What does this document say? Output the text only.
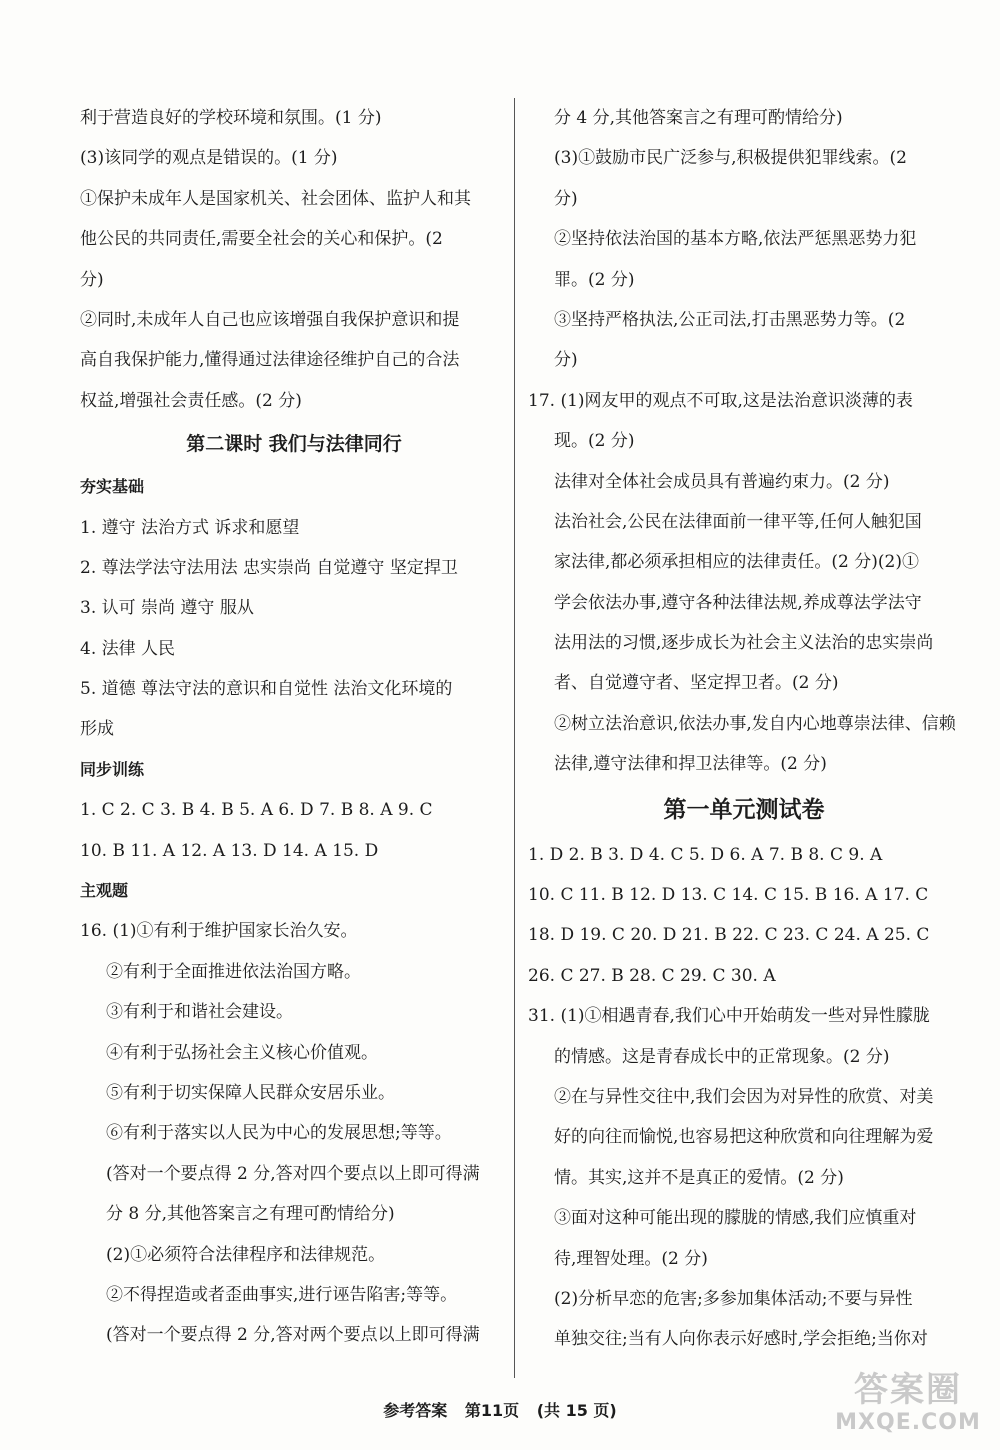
利于营造良好的学校环境和氛围。(1 分)
(3)该同学的观点是错误的。(1 分)
①保护未成年人是国家机关、社会团体、监护人和其
他公民的共同责任,需要全社会的关心和保护。(2
分)
②同时,未成年人自己也应该增强自我保护意识和提
高自我保护能力,懂得通过法律途径维护自己的合法
权益,增强社会责任感。(2 分)
第二课时 我们与法律同行
夯实基础
1. 遵守 法治方式 诉求和愿望
2. 尊法学法守法用法 忠实崇尚 自觉遵守 坚定捍卫
3. 认可 崇尚 遵守 服从
4. 法律 人民
5. 道德 尊法守法的意识和自觉性 法治文化环境的
形成
同步训练
1. C 2. C 3. B 4. B 5. A 6. D 7. B 8. A 9. C
10. B 11. A 12. A 13. D 14. A 15. D
主观题
16. (1)①有利于维护国家长治久安。
②有利于全面推进依法治国方略。
③有利于和谐社会建设。
④有利于弘扬社会主义核心价值观。
⑤有利于切实保障人民群众安居乐业。
⑥有利于落实以人民为中心的发展思想;等等。
(答对一个要点得 2 分,答对四个要点以上即可得满
分 8 分,其他答案言之有理可酌情给分)
(2)①必须符合法律程序和法律规范。
②不得捏造或者歪曲事实,进行诬告陷害;等等。
(答对一个要点得 2 分,答对两个要点以上即可得满
分 4 分,其他答案言之有理可酌情给分)
(3)①鼓励市民广泛参与,积极提供犯罪线索。(2
分)
②坚持依法治国的基本方略,依法严惩黑恶势力犯
罪。(2 分)
③坚持严格执法,公正司法,打击黑恶势力等。(2
分)
17. (1)网友甲的观点不可取,这是法治意识淡薄的表
现。(2 分)
法律对全体社会成员具有普遍约束力。(2 分)
法治社会,公民在法律面前一律平等,任何人触犯国
家法律,都必须承担相应的法律责任。(2 分)(2)①
学会依法办事,遵守各种法律法规,养成尊法学法守
法用法的习惯,逐步成长为社会主义法治的忠实崇尚
者、自觉遵守者、坚定捍卫者。(2 分)
②树立法治意识,依法办事,发自内心地尊崇法律、信赖
法律,遵守法律和捍卫法律等。(2 分)
第一单元测试卷
1. D 2. B 3. D 4. C 5. D 6. A 7. B 8. C 9. A
10. C 11. B 12. D 13. C 14. C 15. B 16. A 17. C
18. D 19. C 20. D 21. B 22. C 23. C 24. A 25. C
26. C 27. B 28. C 29. C 30. A
31. (1)①相遇青春,我们心中开始萌发一些对异性朦胧
的情感。这是青春成长中的正常现象。(2 分)
②在与异性交往中,我们会因为对异性的欣赏、对美
好的向往而愉悦,也容易把这种欣赏和向往理解为爱
情。其实,这并不是真正的爱情。(2 分)
③面对这种可能出现的朦胧的情感,我们应慎重对
待,理智处理。(2 分)
(2)分析早恋的危害;多参加集体活动;不要与异性
单独交往;当有人向你表示好感时,学会拒绝;当你对
参考答案 第11页 (共 15 页)
答案圈
MXQE.COM
